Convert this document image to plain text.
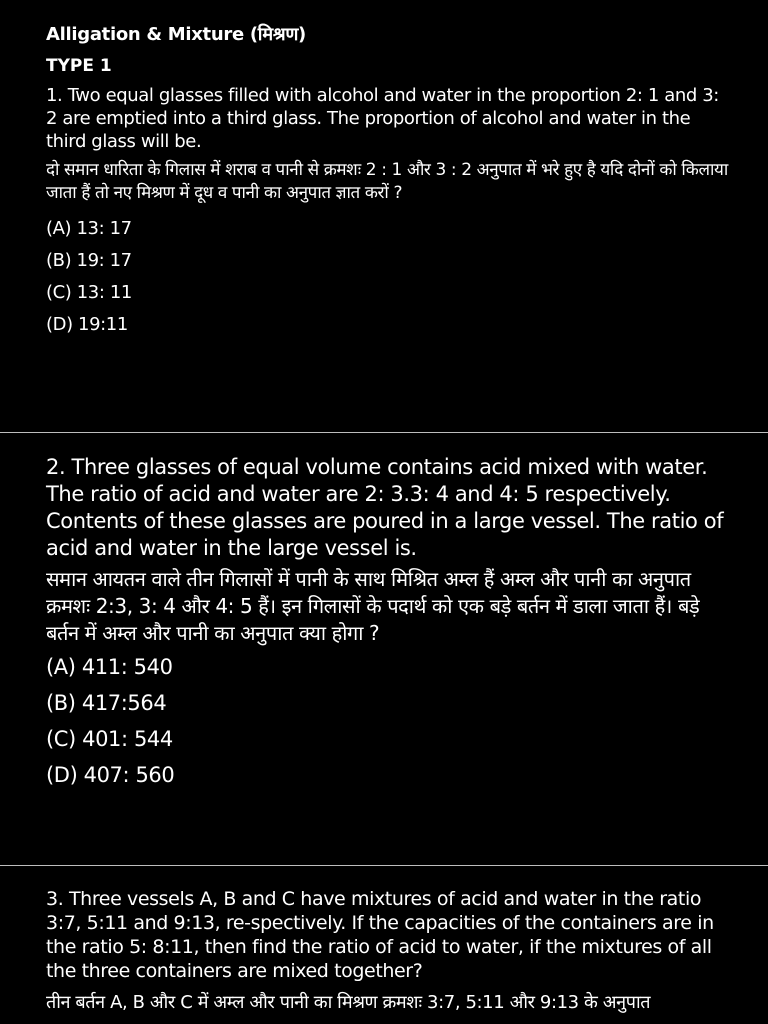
Alligation & Mixture (मिश्रण)

TYPE 1

1. Two equal glasses filled with alcohol and water in the proportion 2: 1 and 3: 2 are emptied into a third glass. The proportion of alcohol and water in the third glass will be.

दो समान धारिता के गिलास में शराब व पानी से क्रमशः 2 : 1 और 3 : 2 अनुपात में भरे हुए है यदि दोनों को किलाया जाता हैं तो नए मिश्रण में दूध व पानी का अनुपात ज्ञात करों ?

(A) 13: 17

(B) 19: 17

(C) 13: 11

(D) 19:11

2. Three glasses of equal volume contains acid mixed with water. The ratio of acid and water are 2: 3.3: 4 and 4: 5 respectively. Contents of these glasses are poured in a large vessel. The ratio of acid and water in the large vessel is.

समान आयतन वाले तीन गिलासों में पानी के साथ मिश्रित अम्ल हैं अम्ल और पानी का अनुपात क्रमशः 2:3, 3: 4 और 4: 5 हैं। इन गिलासों के पदार्थ को एक बड़े बर्तन में डाला जाता हैं। बड़े बर्तन में अम्ल और पानी का अनुपात क्या होगा ?

(A) 411: 540

(B) 417:564

(C) 401: 544

(D) 407: 560

3. Three vessels A, B and C have mixtures of acid and water in the ratio 3:7, 5:11 and 9:13, re-spectively. If the capacities of the containers are in the ratio 5: 8:11, then find the ratio of acid to water, if the mixtures of all the three containers are mixed together?

तीन बर्तन A, B और C में अम्ल और पानी का मिश्रण क्रमशः 3:7, 5:11 और 9:13 के अनुपात
